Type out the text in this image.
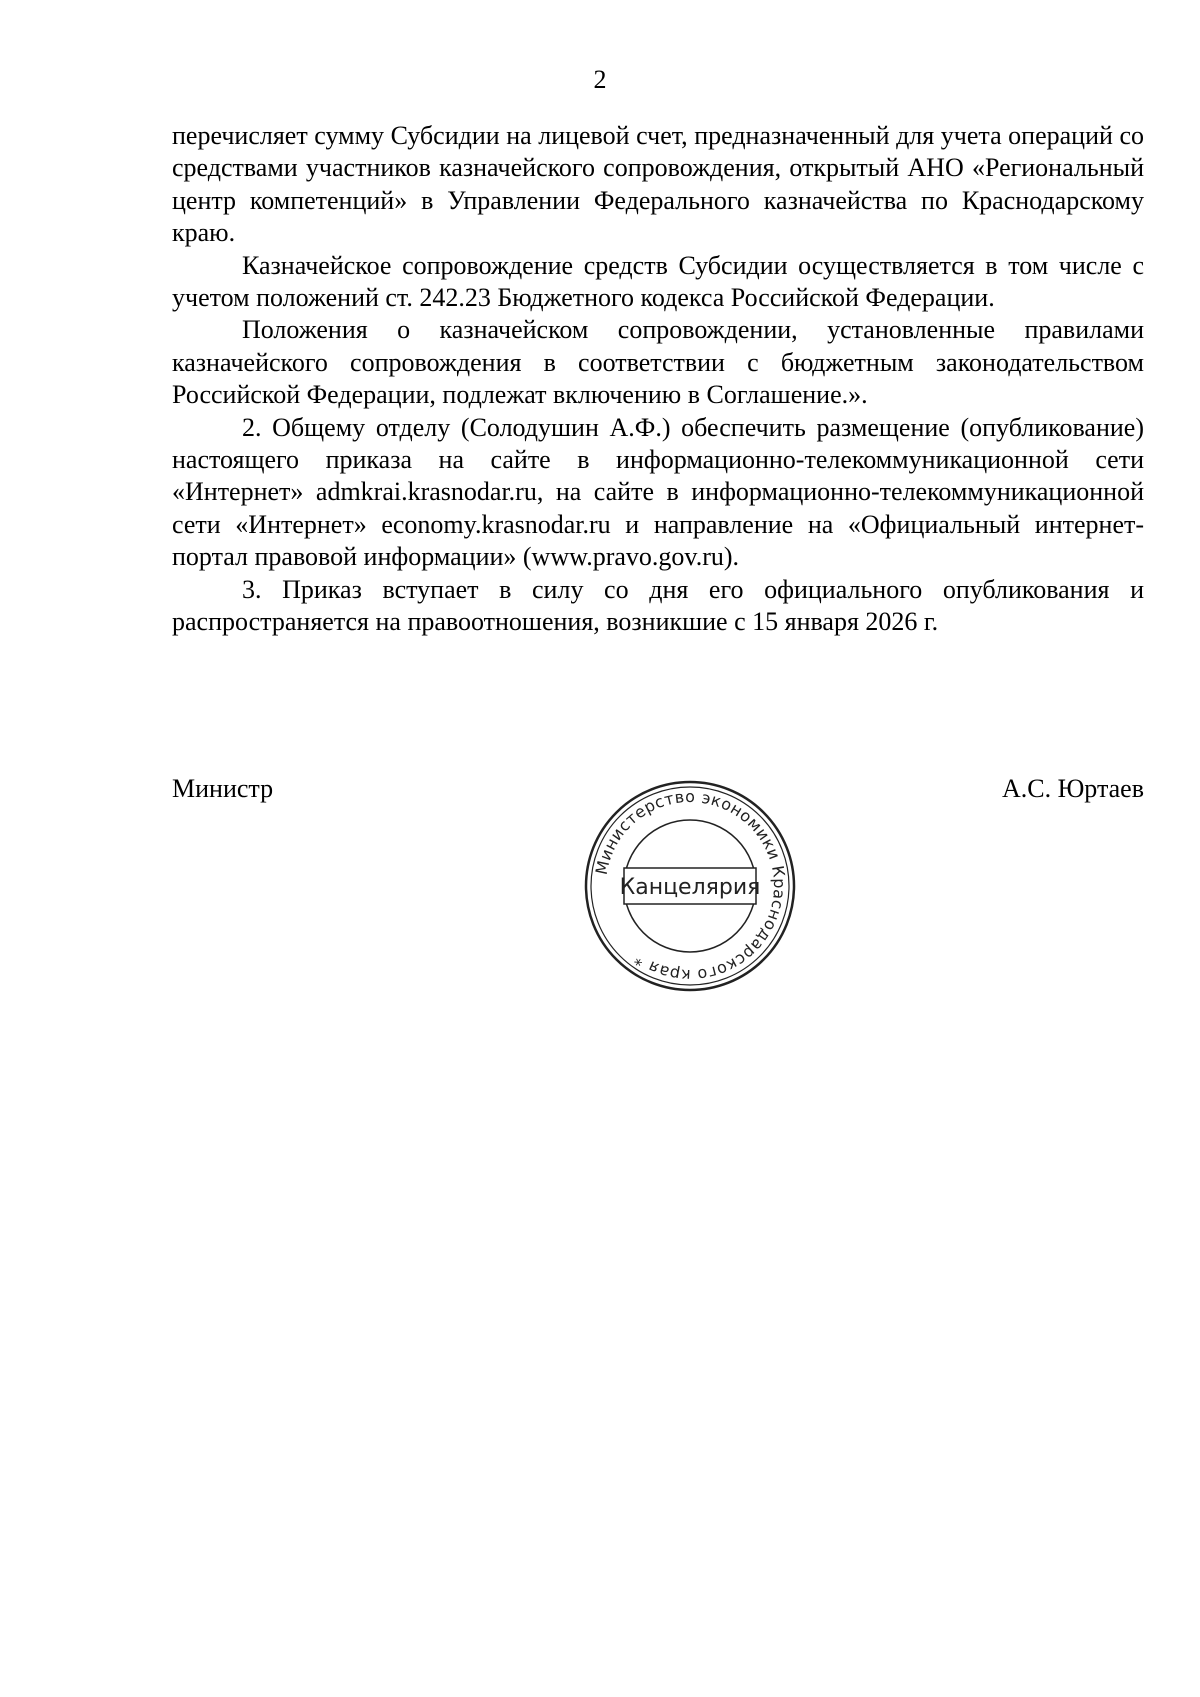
2

перечисляет сумму Субсидии на лицевой счет, предназначенный для учета операций со средствами участников казначейского сопровождения, открытый АНО «Региональный центр компетенций» в Управлении Федерального казначейства по Краснодарскому краю.

Казначейское сопровождение средств Субсидии осуществляется в том числе с учетом положений ст. 242.23 Бюджетного кодекса Российской Федерации.

Положения о казначейском сопровождении, установленные правилами казначейского сопровождения в соответствии с бюджетным законодательством Российской Федерации, подлежат включению в Соглашение.».

2. Общему отделу (Солодушин А.Ф.) обеспечить размещение (опубликование) настоящего приказа на сайте в информационно-телекоммуникационной сети «Интернет» admkrai.krasnodar.ru, на сайте в информационно-телекоммуникационной сети «Интернет» economy.krasnodar.ru и направление на «Официальный интернет-портал правовой информации» (www.pravo.gov.ru).

3. Приказ вступает в силу со дня его официального опубликования и распространяется на правоотношения, возникшие с 15 января 2026 г.

Министр	А.С. Юртаев
Министерство экономики Краснодарского края *
Канцелярия
